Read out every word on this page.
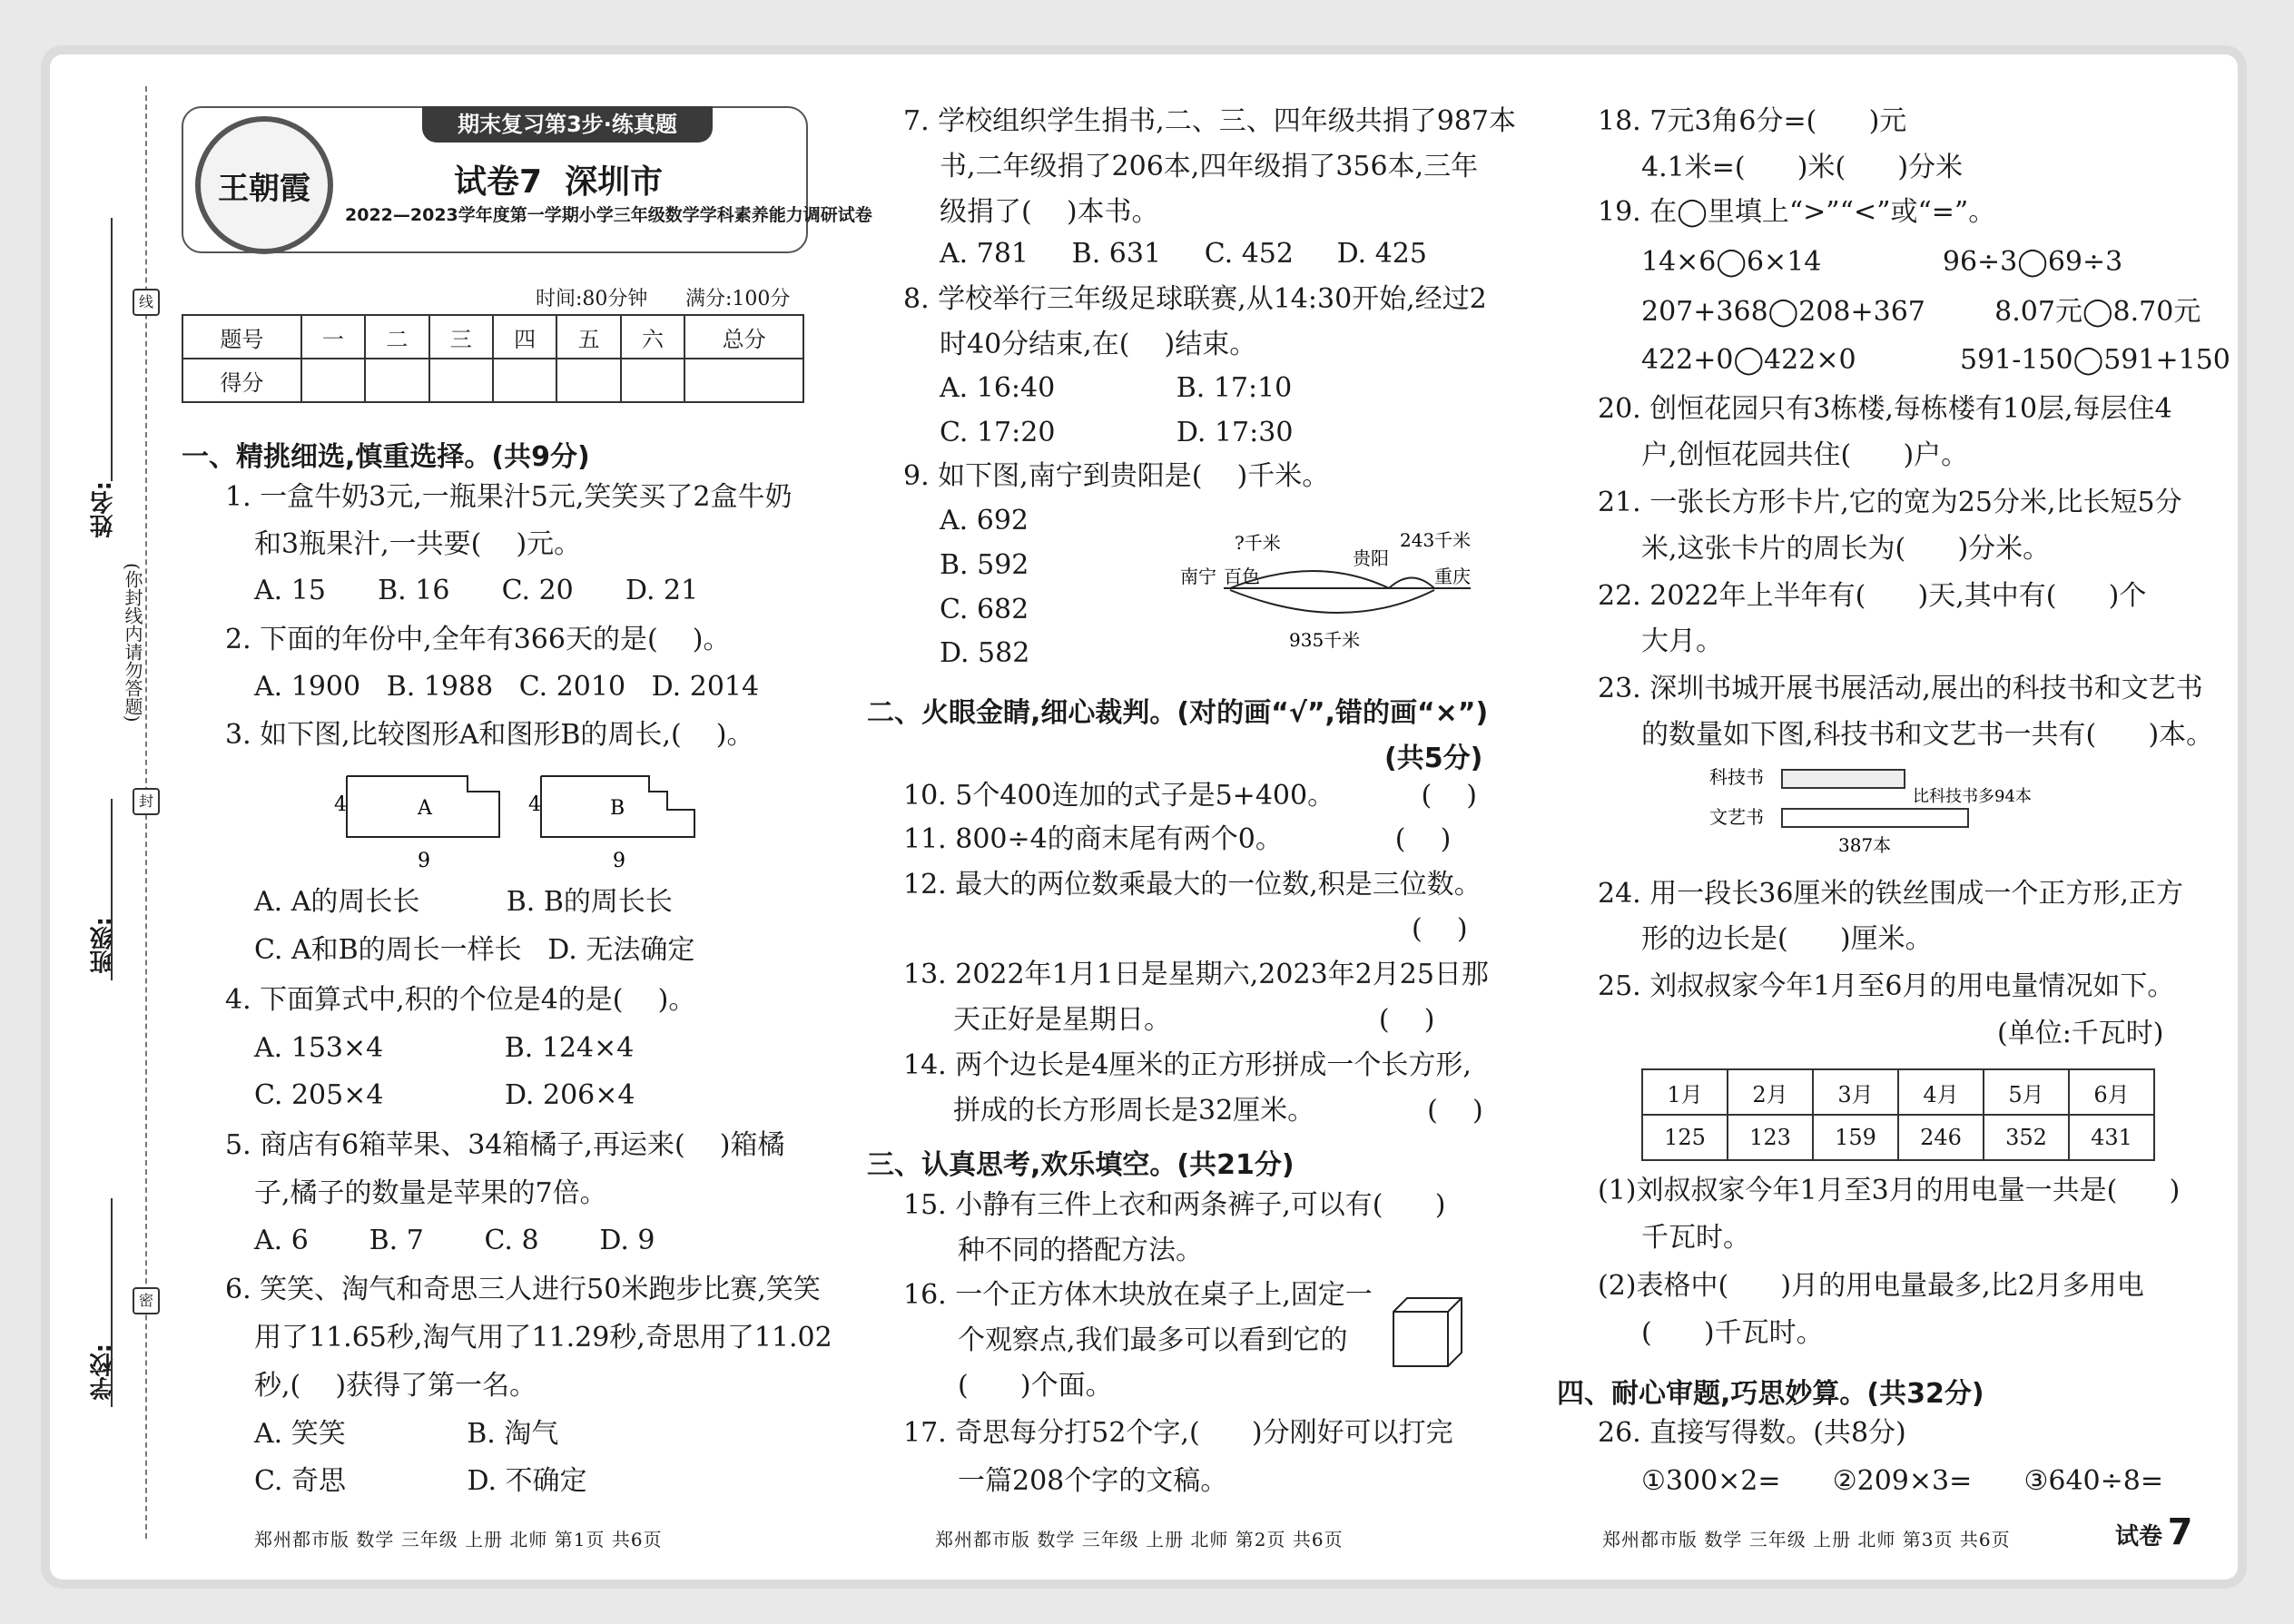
线
封
密
姓名:
班级:
学校:
(你封线内请勿答题)
王朝霞
期末复习第3步·练真题
试卷7  深圳市
2022—2023学年度第一学期小学三年级数学学科素养能力调研试卷
时间:80分钟 满分:100分
题号	一	二	三	四	五	六	总分
得分							
一、精挑细选,慎重选择。(共9分)
1. 一盒牛奶3元,一瓶果汁5元,笑笑买了2盒牛奶
和3瓶果汁,一共要(    )元。
A. 15      B. 16      C. 20      D. 21
2. 下面的年份中,全年有366天的是(    )。
A. 1900   B. 1988   C. 2010   D. 2014
3. 如下图,比较图形A和图形B的周长,(    )。
A. A的周长长          B. B的周长长
C. A和B的周长一样长   D. 无法确定
4. 下面算式中,积的个位是4的是(    )。
A. 153×4              B. 124×4
C. 205×4              D. 206×4
5. 商店有6箱苹果、34箱橘子,再运来(    )箱橘
子,橘子的数量是苹果的7倍。
A. 6       B. 7       C. 8       D. 9
6. 笑笑、淘气和奇思三人进行50米跑步比赛,笑笑
用了11.65秒,淘气用了11.29秒,奇思用了11.02
秒,(    )获得了第一名。
A. 笑笑              B. 淘气
C. 奇思              D. 不确定
4	A
9
4	B
9
7. 学校组织学生捐书,二、三、四年级共捐了987本
书,二年级捐了206本,四年级捐了356本,三年
级捐了(    )本书。
A. 781     B. 631     C. 452     D. 425
8. 学校举行三年级足球联赛,从14:30开始,经过2
时40分结束,在(    )结束。
A. 16:40              B. 17:10
C. 17:20              D. 17:30
9. 如下图,南宁到贵阳是(    )千米。
A. 692
B. 592
C. 682
D. 582
二、火眼金睛,细心裁判。(对的画“√”,错的画“×”)
(共5分)
10. 5个400连加的式子是5+400。          (    )
11. 800÷4的商末尾有两个0。             (    )
12. 最大的两位数乘最大的一位数,积是三位数。
(    )
13. 2022年1月1日是星期六,2023年2月25日那
天正好是星期日。                        (    )
14. 两个边长是4厘米的正方形拼成一个长方形,
拼成的长方形周长是32厘米。             (    )
三、认真思考,欢乐填空。(共21分)
15. 小静有三件上衣和两条裤子,可以有(      )
种不同的搭配方法。
16. 一个正方体木块放在桌子上,固定一
个观察点,我们最多可以看到它的
(      )个面。
17. 奇思每分打52个字,(      )分刚好可以打完
一篇208个字的文稿。
南宁 百色
贵阳
重庆
?千米	243千米
935千米
18. 7元3角6分=(      )元
4.1米=(      )米(      )分米
19. 在◯里填上“>”“<”或“=”。
14×6◯6×14              96÷3◯69÷3
207+368◯208+367        8.07元◯8.70元
422+0◯422×0            591-150◯591+150
20. 创恒花园只有3栋楼,每栋楼有10层,每层住4
户,创恒花园共住(      )户。
21. 一张长方形卡片,它的宽为25分米,比长短5分
米,这张卡片的周长为(      )分米。
22. 2022年上半年有(      )天,其中有(      )个
大月。
23. 深圳书城开展书展活动,展出的科技书和文艺书
的数量如下图,科技书和文艺书一共有(      )本。
24. 用一段长36厘米的铁丝围成一个正方形,正方
形的边长是(      )厘米。
25. 刘叔叔家今年1月至6月的用电量情况如下。
(单位:千瓦时)
(1)刘叔叔家今年1月至3月的用电量一共是(      )
千瓦时。
(2)表格中(      )月的用电量最多,比2月多用电
(      )千瓦时。
四、耐心审题,巧思妙算。(共32分)
26. 直接写得数。(共8分)
①300×2=      ②209×3=      ③640÷8=
科技书
文艺书
比科技书多94本
387本
1月	2月	3月	4月	5月	6月
125	123	159	246	352	431
郑州都市版 数学 三年级 上册 北师 第1页 共6页	郑州都市版 数学 三年级 上册 北师 第2页 共6页	郑州都市版 数学 三年级 上册 北师 第3页 共6页	试卷 7
